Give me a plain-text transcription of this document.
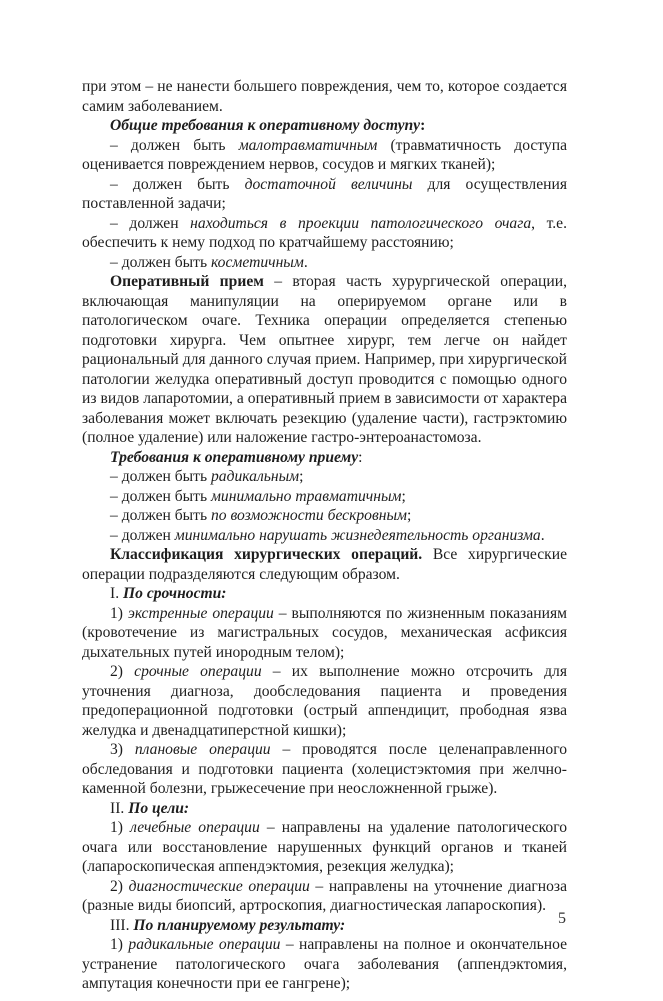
при этом – не нанести большего повреждения, чем то, которое создается самим заболеванием.

Общие требования к оперативному доступу:

– должен быть малотравматичным (травматичность доступа оценивается повреждением нервов, сосудов и мягких тканей);

– должен быть достаточной величины для осуществления поставленной задачи;

– должен находиться в проекции патологического очага, т.е. обеспечить к нему подход по кратчайшему расстоянию;

– должен быть косметичным.

Оперативный прием – вторая часть хурургической операции, включающая манипуляции на оперируемом органе или в патологическом очаге. Техника операции определяется степенью подготовки хирурга. Чем опытнее хирург, тем легче он найдет рациональный для данного случая прием. Например, при хирургической патологии желудка оперативный доступ проводится с помощью одного из видов лапаротомии, а оперативный прием в зависимости от характера заболевания может включать резекцию (удаление части), гастрэктомию (полное удаление) или наложение гастро-энтероанастомоза.

Требования к оперативному приему:

– должен быть радикальным;

– должен быть минимально травматичным;

– должен быть по возможности бескровным;

– должен минимально нарушать жизнедеятельность организма.

Классификация хирургических операций. Все хирургические операции подразделяются следующим образом.

I. По срочности:

1) экстренные операции – выполняются по жизненным показаниям (кровотечение из магистральных сосудов, механическая асфиксия дыхательных путей инородным телом);

2) срочные операции – их выполнение можно отсрочить для уточнения диагноза, дообследования пациента и проведения предоперационной подготовки (острый аппендицит, прободная язва желудка и двенадцатиперстной кишки);

3) плановые операции – проводятся после целенаправленного обследования и подготовки пациента (холецистэктомия при желчно-каменной болезни, грыжесечение при неосложненной грыже).

II. По цели:

1) лечебные операции – направлены на удаление патологического очага или восстановление нарушенных функций органов и тканей (лапароскопическая аппендэктомия, резекция желудка);

2) диагностические операции – направлены на уточнение диагноза (разные виды биопсий, артроскопия, диагностическая лапароскопия).

III. По планируемому результату:

1) радикальные операции – направлены на полное и окончательное устранение патологического очага заболевания (аппендэктомия, ампутация конечности при ее гангрене);

5
